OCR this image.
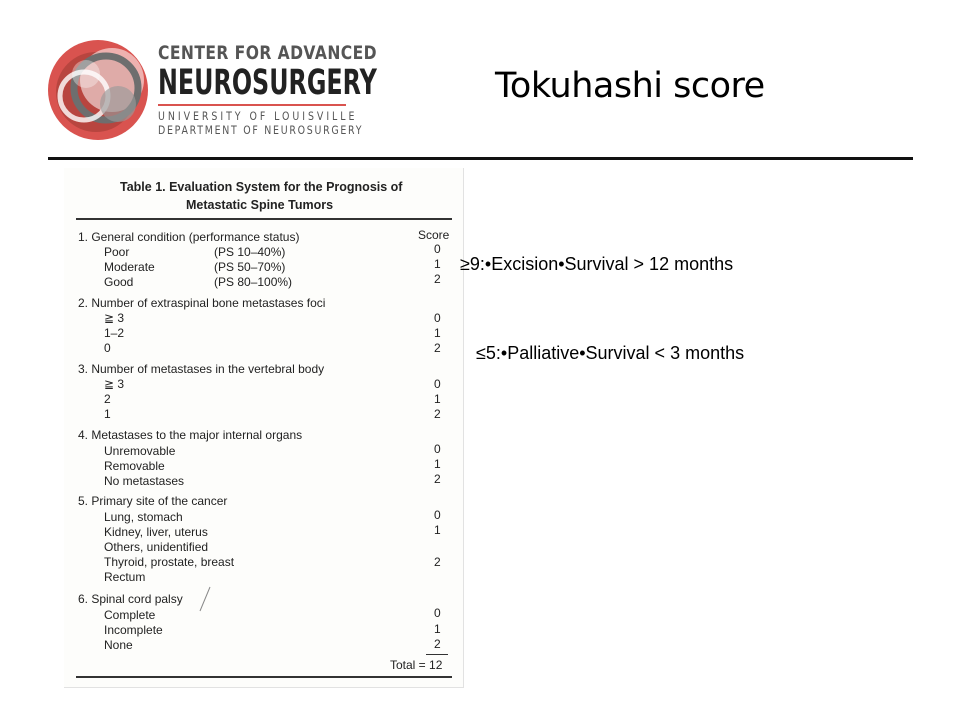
CENTER FOR ADVANCED
NEUROSURGERY
UNIVERSITY OF LOUISVILLE
DEPARTMENT OF NEUROSURGERY
Tokuhashi score
Table 1. Evaluation System for the Prognosis of
Metastatic Spine Tumors
Score
1. General condition (performance status)
Poor	(PS 10–40%)	0
Moderate	(PS 50–70%)	1
Good	(PS 80–100%)	2
2. Number of extraspinal bone metastases foci
≧ 3	0
1–2	1
0	2
3. Number of metastases in the vertebral body
≧ 3	0
2	1
1	2
4. Metastases to the major internal organs
Unremovable	0
Removable	1
No metastases	2
5. Primary site of the cancer
Lung, stomach	0
Kidney, liver, uterus	1
Others, unidentified
Thyroid, prostate, breast	2
Rectum
6. Spinal cord palsy
Complete	0
Incomplete	1
None	2
Total = 12
≥9:•Excision•Survival > 12 months
≤5:•Palliative•Survival < 3 months
